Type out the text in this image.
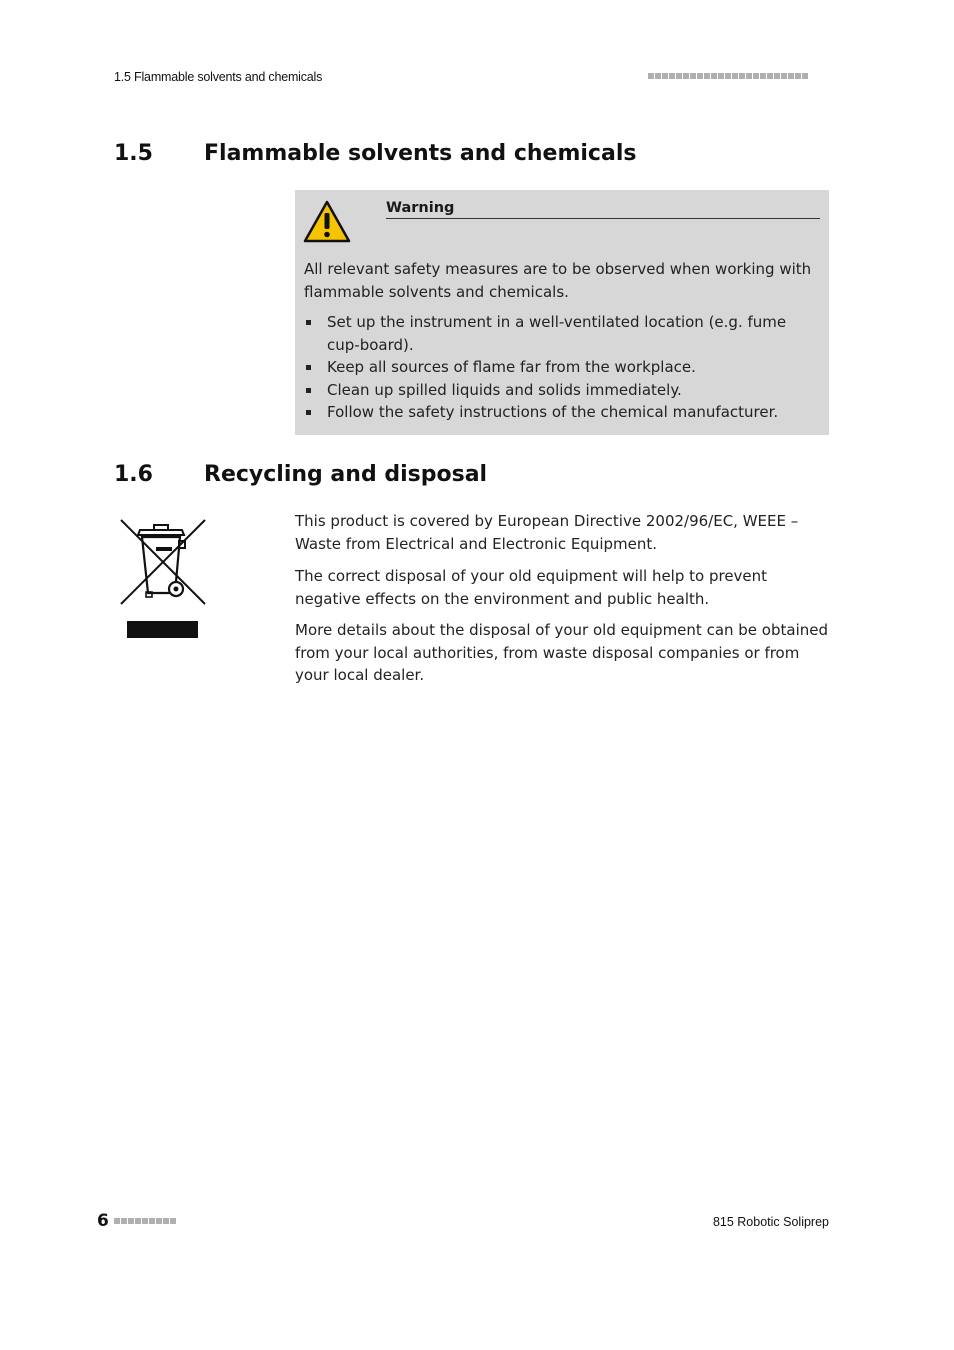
1.5 Flammable solvents and chemicals
1.5 Flammable solvents and chemicals
Warning
All relevant safety measures are to be observed when working with flammable solvents and chemicals.
Set up the instrument in a well-ventilated location (e.g. fume cup-board).
Keep all sources of flame far from the workplace.
Clean up spilled liquids and solids immediately.
Follow the safety instructions of the chemical manufacturer.
1.6 Recycling and disposal
This product is covered by European Directive 2002/96/EC, WEEE – Waste from Electrical and Electronic Equipment.
The correct disposal of your old equipment will help to prevent negative effects on the environment and public health.
More details about the disposal of your old equipment can be obtained from your local authorities, from waste disposal companies or from your local dealer.
6	815 Robotic Soliprep
